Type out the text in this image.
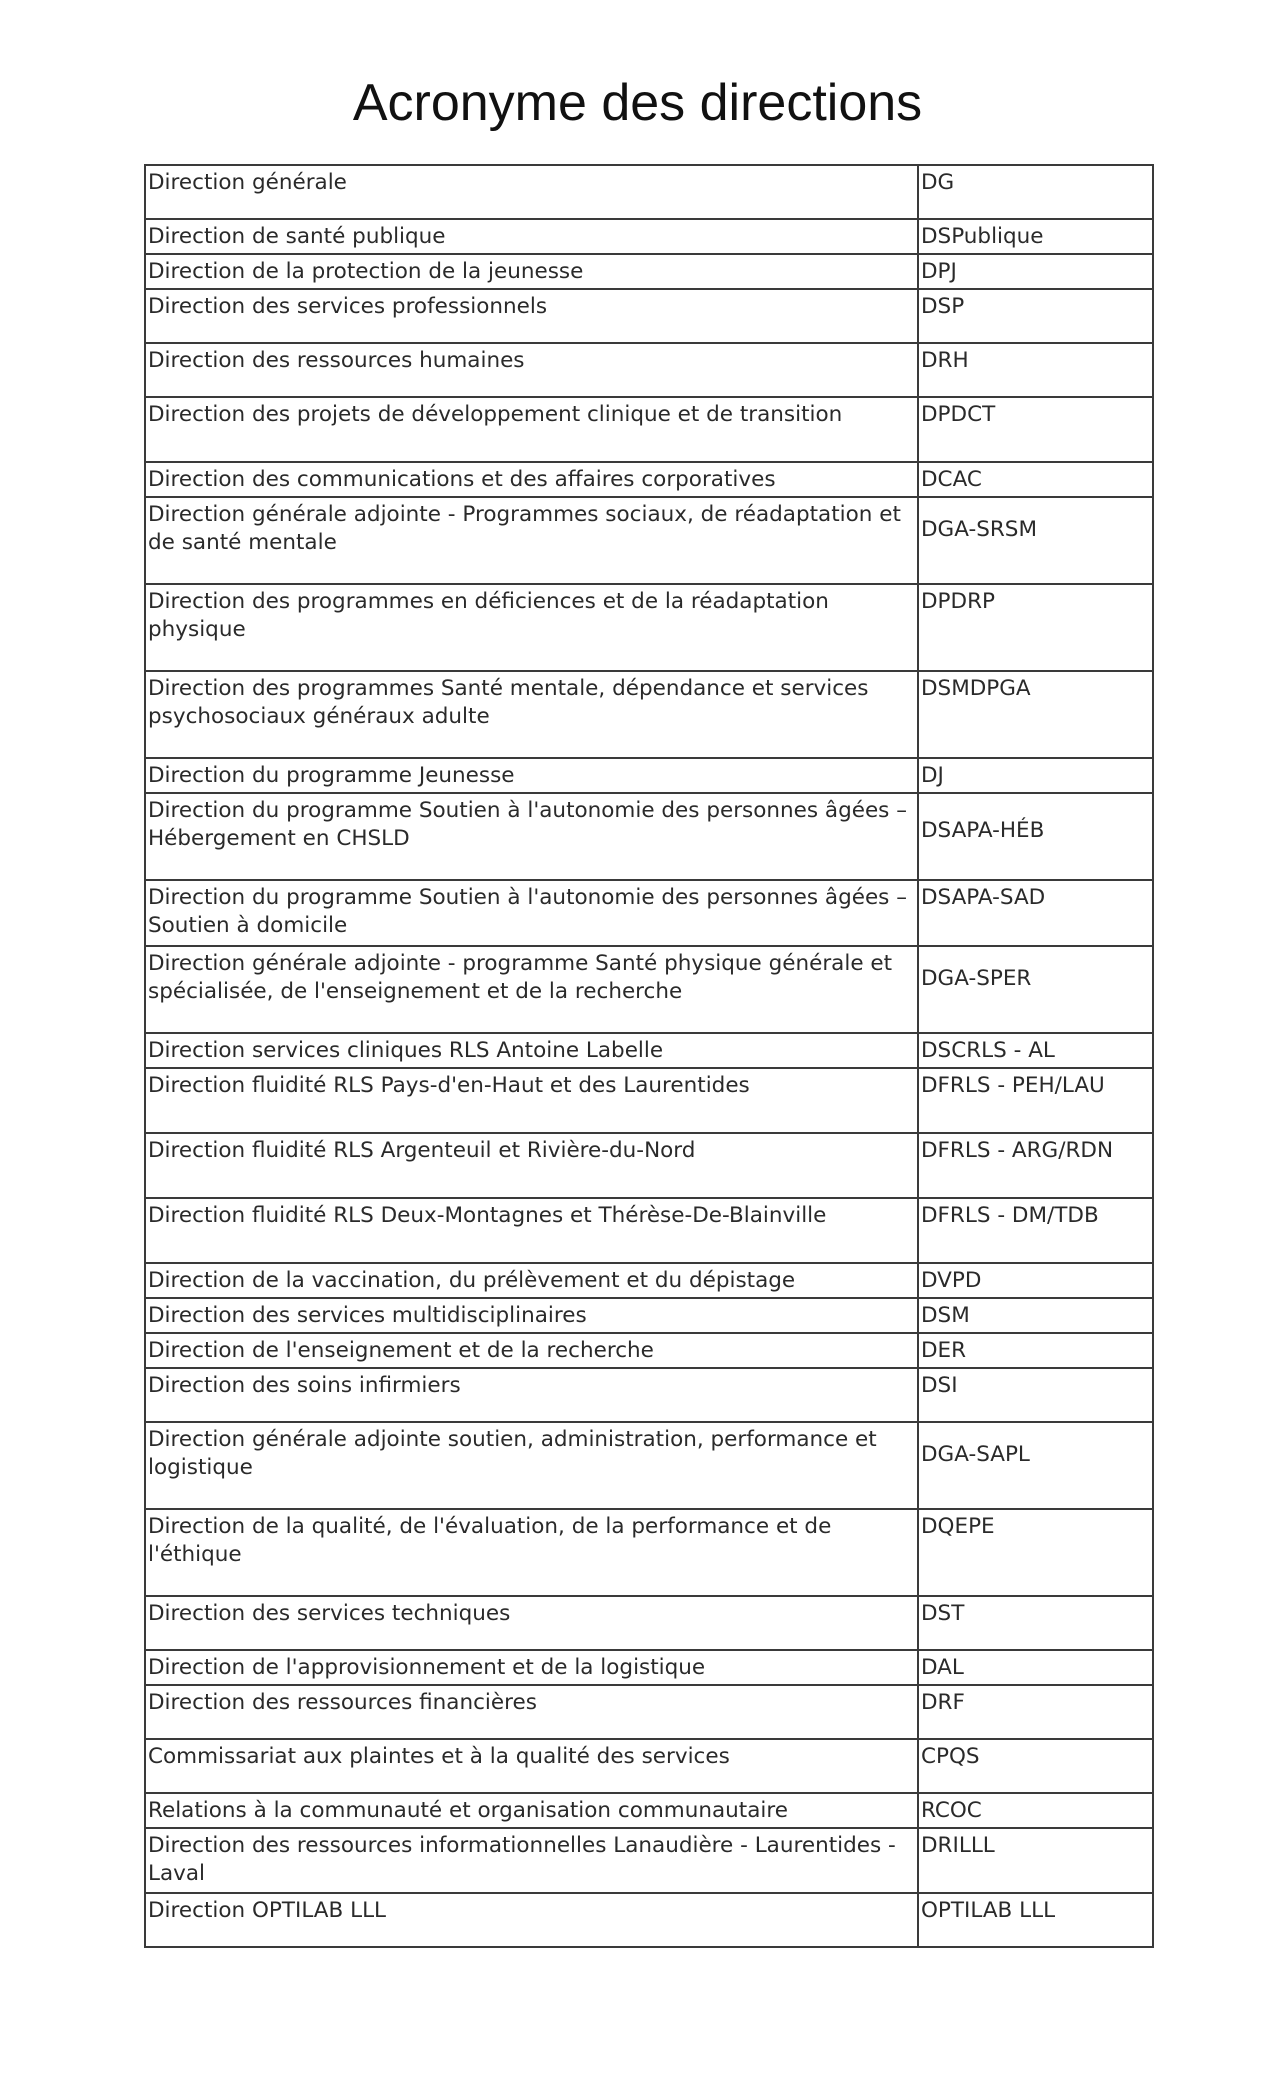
Acronyme des directions
Direction générale	DG
Direction de santé publique	DSPublique
Direction de la protection de la jeunesse	DPJ
Direction des services professionnels	DSP
Direction des ressources humaines	DRH
Direction des projets de développement clinique et de transition	DPDCT
Direction des communications et des affaires corporatives	DCAC
Direction générale adjointe - Programmes sociaux, de réadaptation et de santé mentale	DGA-SRSM
Direction des programmes en déficiences et de la réadaptation physique	DPDRP
Direction des programmes Santé mentale, dépendance et services psychosociaux généraux adulte	DSMDPGA
Direction du programme Jeunesse	DJ
Direction du programme Soutien à l'autonomie des personnes âgées – Hébergement en CHSLD	DSAPA-HÉB
Direction du programme Soutien à l'autonomie des personnes âgées – Soutien à domicile	DSAPA-SAD
Direction générale adjointe - programme Santé physique générale et spécialisée, de l'enseignement et de la recherche	DGA-SPER
Direction services cliniques RLS Antoine Labelle	DSCRLS - AL
Direction fluidité RLS Pays-d'en-Haut et des Laurentides	DFRLS - PEH/LAU
Direction fluidité RLS Argenteuil et Rivière-du-Nord	DFRLS - ARG/RDN
Direction fluidité RLS Deux-Montagnes et Thérèse-De-Blainville	DFRLS - DM/TDB
Direction de la vaccination, du prélèvement et du dépistage	DVPD
Direction des services multidisciplinaires	DSM
Direction de l'enseignement et de la recherche	DER
Direction des soins infirmiers	DSI
Direction générale adjointe soutien, administration, performance et logistique	DGA-SAPL
Direction de la qualité, de l'évaluation, de la performance et de l'éthique	DQEPE
Direction des services techniques	DST
Direction de l'approvisionnement et de la logistique	DAL
Direction des ressources financières	DRF
Commissariat aux plaintes et à la qualité des services	CPQS
Relations à la communauté et organisation communautaire	RCOC
Direction des ressources informationnelles Lanaudière - Laurentides - Laval	DRILLL
Direction OPTILAB LLL	OPTILAB LLL
